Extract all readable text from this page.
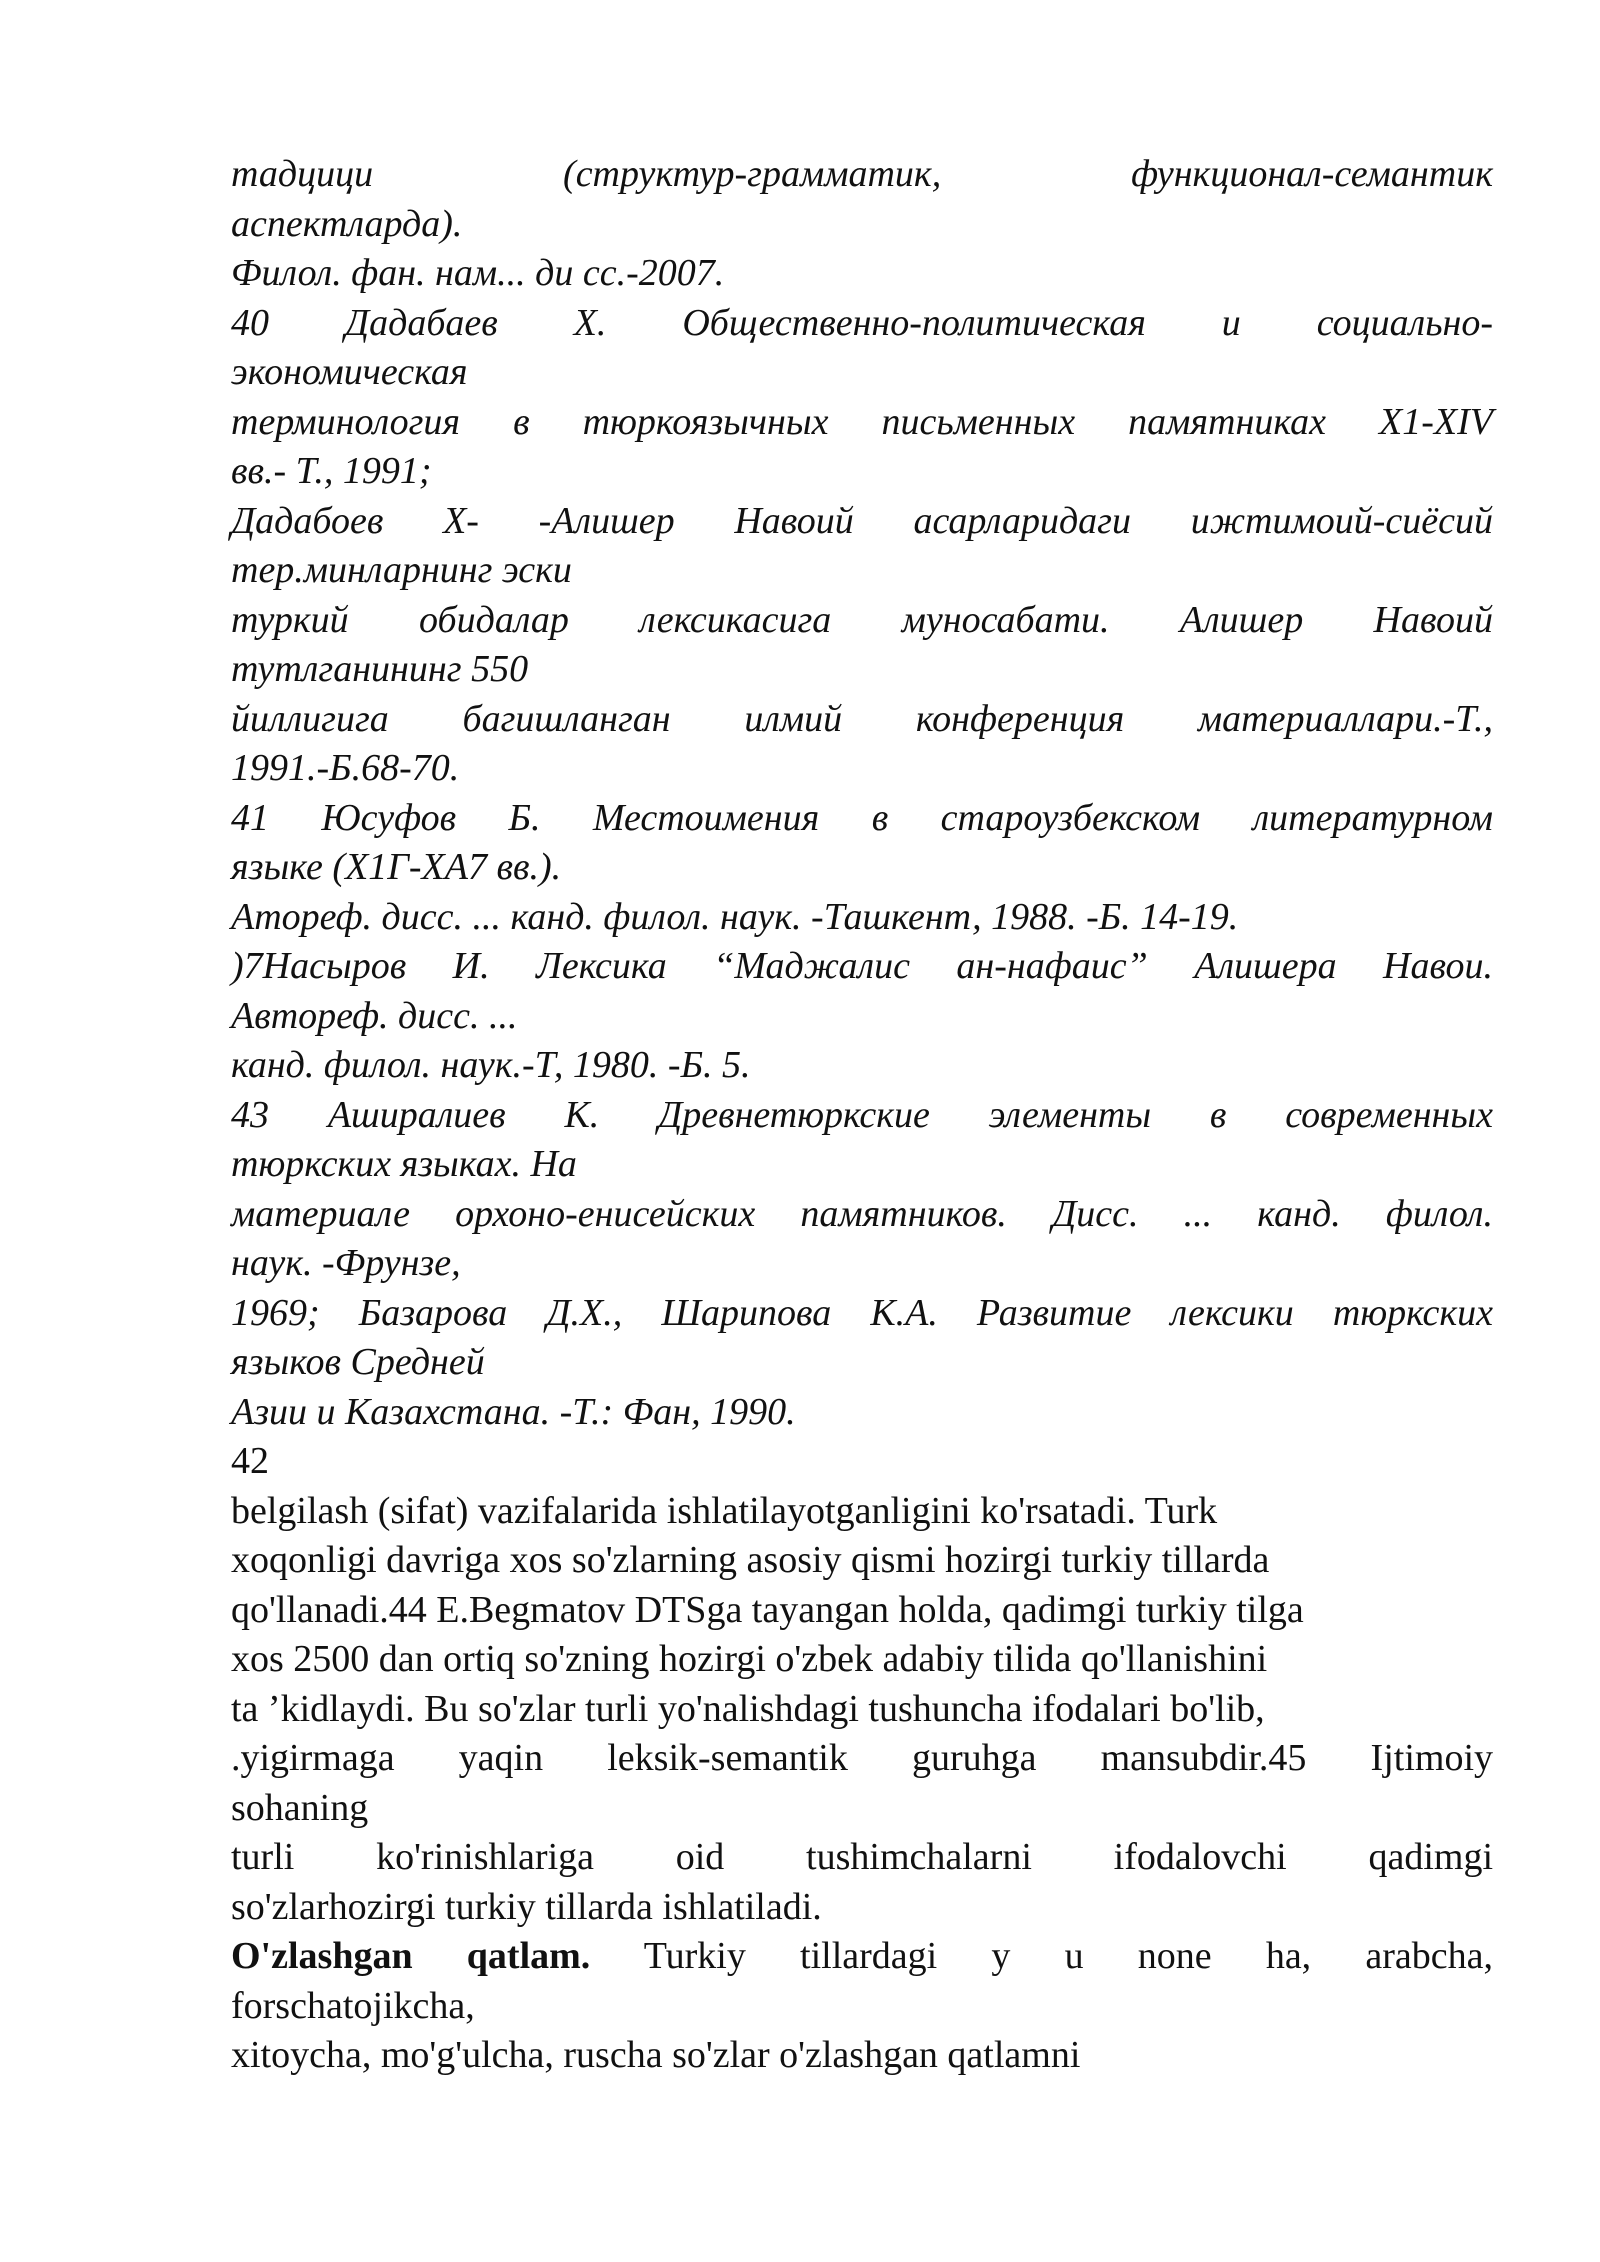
тадцици (структур-грамматик, функционал-семантик
аспектларда).
Филол. фан. нам... ди сс.-2007.
40 Дадабаев Х. Общественно-политическая и социально-
экономическая
терминология в тюркоязычных письменных памятниках Х1-XIV
вв.- Т., 1991;
Дадабоев Х- -Алишер Навоий асарларидаги ижтимоий-сиёсий
тер.минларнинг эски
туркий обидалар лексикасига муносабати. Алишер Навоий
тутлганининг 550
йиллигига багишланган илмий конференция материаллари.-Т.,
1991.-Б.68-70.
41 Юсуфов Б. Местоимения в староузбекском литературном
языке (Х1Г-ХА7 вв.).
Атореф. дисс. ... канд. филол. наук. -Ташкент, 1988. -Б. 14-19.
)7Насыров И. Лексика “Маджалис ан-нафаис” Алишера Навои.
Автореф. дисс. ...
канд. филол. наук.-Т, 1980. -Б. 5.
43 Аширалиев К. Древнетюркские элементы в современных
тюркских языках. На
материале орхоно-енисейских памятников. Дисс. ... канд. филол.
наук. -Фрунзе,
1969; Базарова Д.Х., Шарипова К.А. Развитие лексики тюркских
языков Средней
Азии и Казахстана. -Т.: Фан, 1990.
42
belgilash (sifat) vazifalarida ishlatilayotganligini ko'rsatadi. Turk
xoqonligi davriga xos so'zlarning asosiy qismi hozirgi turkiy tillarda
qo'llanadi.44 E.Begmatov DTSga tayangan holda, qadimgi turkiy tilga
xos 2500 dan ortiq so'zning hozirgi o'zbek adabiy tilida qo'llanishini
ta ’kidlaydi. Bu so'zlar turli yo'nalishdagi tushuncha ifodalari bo'lib,
.yigirmaga yaqin leksik-semantik guruhga mansubdir.45 Ijtimoiy
sohaning
turli ko'rinishlariga oid tushimchalarni ifodalovchi qadimgi
so'zlarhozirgi turkiy tillarda ishlatiladi.
O'zlashgan qatlam. Turkiy tillardagi y u none ha, arabcha,
forschatojikcha,
xitoycha, mo'g'ulcha, ruscha so'zlar o'zlashgan qatlamni
